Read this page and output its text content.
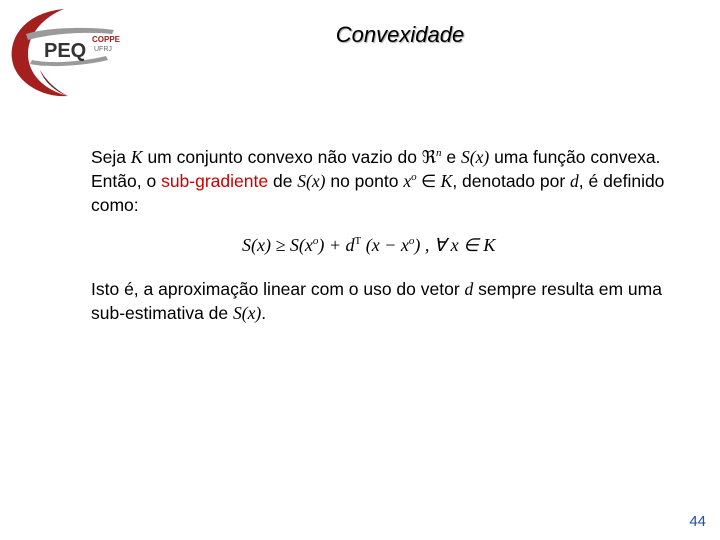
PEQ
COPPE
UFRJ
Convexidade

Seja K um conjunto convexo não vazio do ℜ$^n$ e S(x) uma função convexa. Então, o sub-gradiente de S(x) no ponto $x^o$ ∈ K, denotado por d, é definido como:

$S(x) \ge S(x^o) + d^T$ $(x - x^o)$ , ∀ x ∈ K

Isto é, a aproximação linear com o uso do vetor d sempre resulta em uma sub-estimativa de S(x).

44
